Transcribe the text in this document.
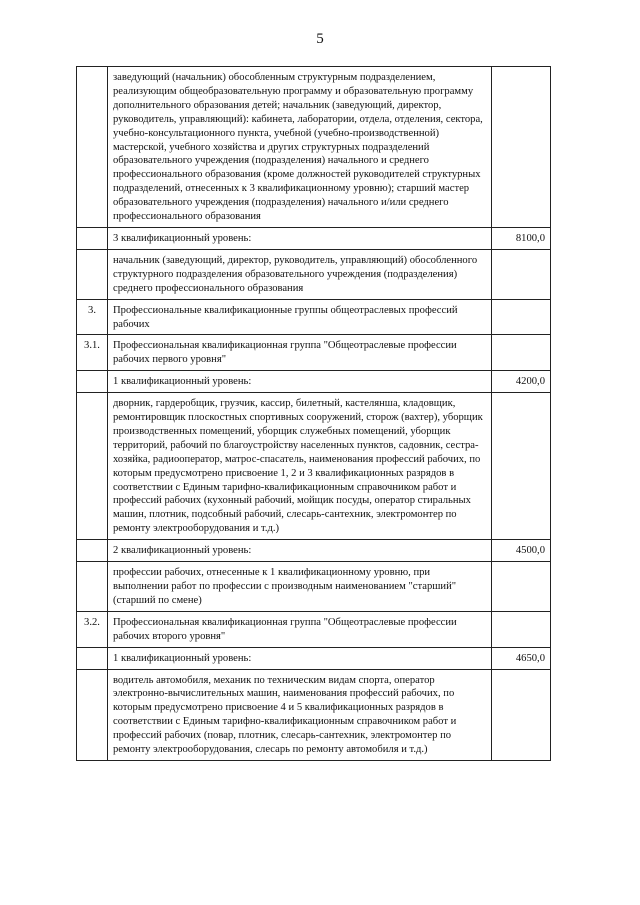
5
	заведующий (начальник) обособленным структурным подразделением, реализующим общеобразовательную программу и образовательную программу дополнительного образования детей; начальник (заведующий, директор, руководитель, управляющий): кабинета, лаборатории, отдела, отделения, сектора, учебно-консультационного пункта, учебной (учебно-производственной) мастерской, учебного хозяйства и других структурных подразделений образовательного учреждения (подразделения) начального и среднего профессионального образования (кроме должностей руководителей структурных подразделений, отнесенных к 3 квалификационному уровню); старший мастер образовательного учреждения (подразделения) начального и/или среднего профессионального образования	
	3 квалификационный уровень:	8100,0
	начальник (заведующий, директор, руководитель, управляющий) обособленного структурного подразделения образовательного учреждения (подразделения) среднего профессионального образования	
3.	Профессиональные квалификационные группы общеотраслевых профессий рабочих	
3.1.	Профессиональная квалификационная группа "Общеотраслевые профессии рабочих первого уровня"	
	1 квалификационный уровень:	4200,0
	дворник, гардеробщик, грузчик, кассир, билетный, кастелянша, кладовщик, ремонтировщик плоскостных спортивных сооружений, сторож (вахтер), уборщик производственных помещений, уборщик служебных помещений, уборщик территорий, рабочий по благоустройству населенных пунктов, садовник, сестра-хозяйка, радиооператор, матрос-спасатель, наименования профессий рабочих, по которым предусмотрено присвоение 1, 2 и 3 квалификационных разрядов в соответствии с Единым тарифно-квалификационным справочником работ и профессий рабочих (кухонный рабочий, мойщик посуды, оператор стиральных машин, плотник, подсобный рабочий, слесарь-сантехник, электромонтер по ремонту электрооборудования и т.д.)	
	2 квалификационный уровень:	4500,0
	профессии рабочих, отнесенные к 1 квалификационному уровню, при выполнении работ по профессии с производным наименованием "старший" (старший по смене)	
3.2.	Профессиональная квалификационная группа "Общеотраслевые профессии рабочих второго уровня"	
	1 квалификационный уровень:	4650,0
	водитель автомобиля, механик по техническим видам спорта, оператор электронно-вычислительных машин, наименования профессий рабочих, по которым предусмотрено присвоение 4 и 5 квалификационных разрядов в соответствии с Единым тарифно-квалификационным справочником работ и профессий рабочих (повар, плотник, слесарь-сантехник, электромонтер по ремонту электрооборудования, слесарь по ремонту автомобиля и т.д.)	
